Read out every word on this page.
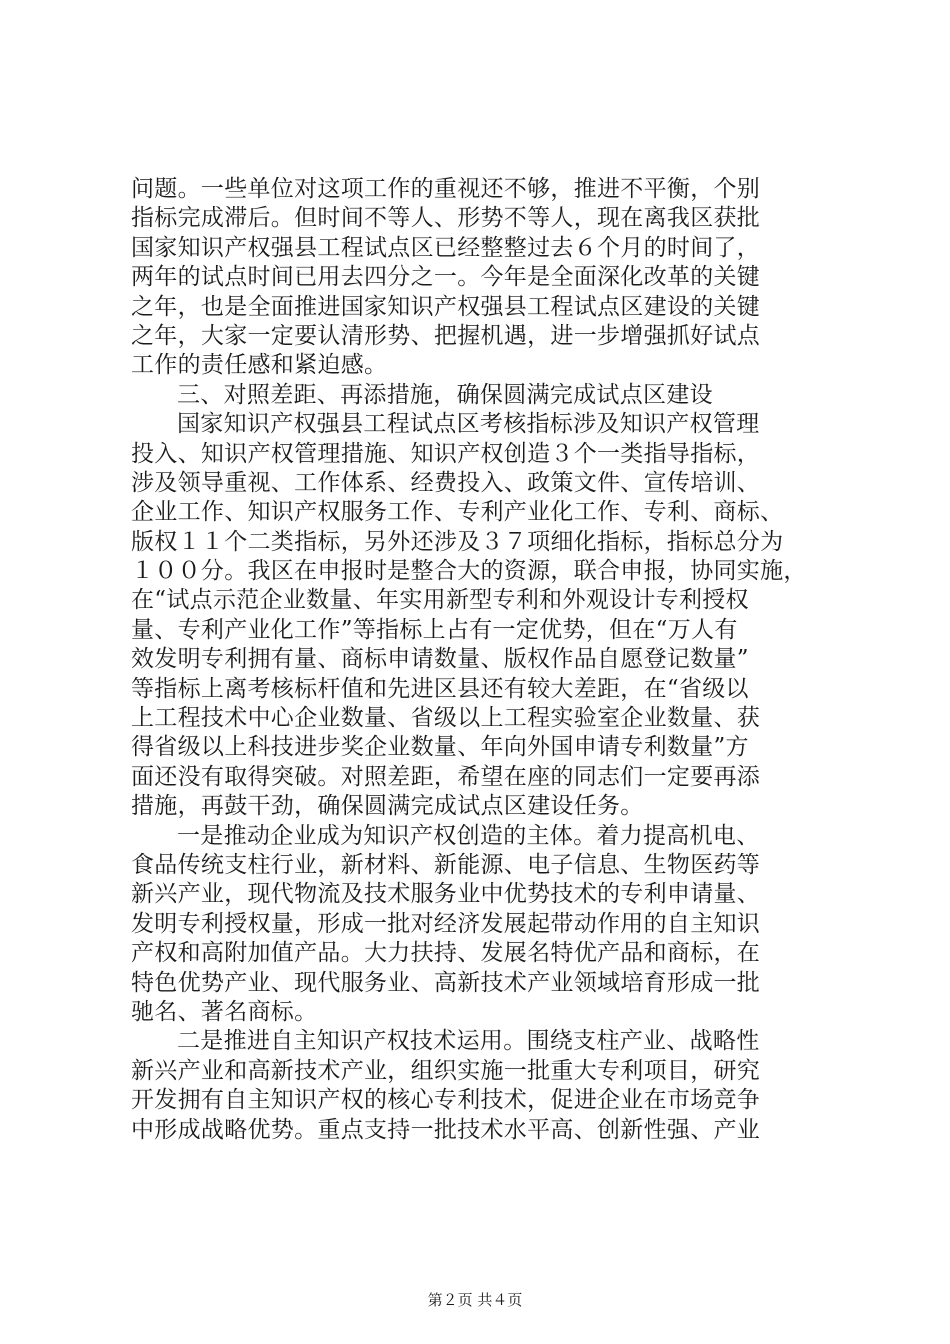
问题。一些单位对这项工作的重视还不够，推进不平衡，个别
指标完成滞后。但时间不等人、形势不等人，现在离我区获批
国家知识产权强县工程试点区已经整整过去６个月的时间了，
两年的试点时间已用去四分之一。今年是全面深化改革的关键
之年，也是全面推进国家知识产权强县工程试点区建设的关键
之年，大家一定要认清形势、把握机遇，进一步增强抓好试点
工作的责任感和紧迫感。
三、对照差距、再添措施，确保圆满完成试点区建设
国家知识产权强县工程试点区考核指标涉及知识产权管理
投入、知识产权管理措施、知识产权创造３个一类指导指标，
涉及领导重视、工作体系、经费投入、政策文件、宣传培训、
企业工作、知识产权服务工作、专利产业化工作、专利、商标、
版权１１个二类指标，另外还涉及３７项细化指标，指标总分为
１００分。我区在申报时是整合大的资源，联合申报，协同实施，
在“试点示范企业数量、年实用新型专利和外观设计专利授权
量、专利产业化工作”等指标上占有一定优势，但在“万人有
效发明专利拥有量、商标申请数量、版权作品自愿登记数量”
等指标上离考核标杆值和先进区县还有较大差距，在“省级以
上工程技术中心企业数量、省级以上工程实验室企业数量、获
得省级以上科技进步奖企业数量、年向外国申请专利数量”方
面还没有取得突破。对照差距，希望在座的同志们一定要再添
措施，再鼓干劲，确保圆满完成试点区建设任务。
一是推动企业成为知识产权创造的主体。着力提高机电、
食品传统支柱行业，新材料、新能源、电子信息、生物医药等
新兴产业，现代物流及技术服务业中优势技术的专利申请量、
发明专利授权量，形成一批对经济发展起带动作用的自主知识
产权和高附加值产品。大力扶持、发展名特优产品和商标，在
特色优势产业、现代服务业、高新技术产业领域培育形成一批
驰名、著名商标。
二是推进自主知识产权技术运用。围绕支柱产业、战略性
新兴产业和高新技术产业，组织实施一批重大专利项目，研究
开发拥有自主知识产权的核心专利技术，促进企业在市场竞争
中形成战略优势。重点支持一批技术水平高、创新性强、产业
第２页 共４页
